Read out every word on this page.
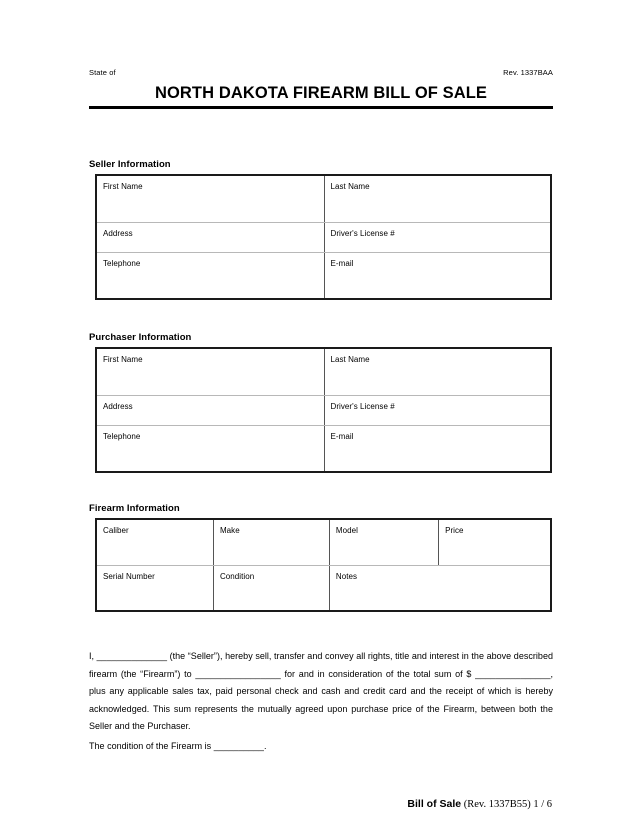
State of	Rev. 1337BAA
NORTH DAKOTA FIREARM BILL OF SALE
Seller Information
First Name	Last Name
Address	Driver's License #
Telephone	E-mail
Purchaser Information
First Name	Last Name
Address	Driver's License #
Telephone	E-mail
Firearm Information
Caliber	Make	Model	Price
Serial Number	Condition	Notes
I, ______________ (the “Seller”), hereby sell, transfer and convey all rights, title and interest in the above described firearm (the “Firearm”) to _________________ for and in consideration of the total sum of $ _______________, plus any applicable sales tax, paid personal check and cash and credit card and the receipt of which is hereby acknowledged. This sum represents the mutually agreed upon purchase price of the Firearm, between both the Seller and the Purchaser.
The condition of the Firearm is __________.
Bill of Sale (Rev. 1337B55) 1 / 6
